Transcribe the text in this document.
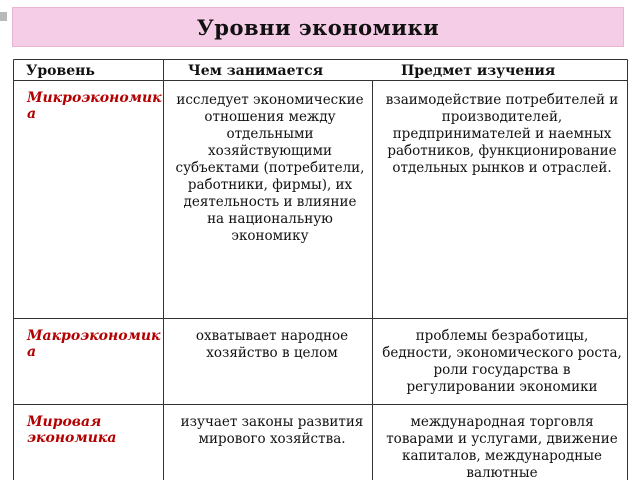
Уровни экономики
Уровень	Чем занимается	Предмет изучения
Микроэкономика
исследует экономические отношения между отдельными хозяйствующими субъектами (потребители, работники, фирмы), их деятельность и влияние на национальную экономику
взаимодействие потребителей и производителей, предпринимателей и наемных работников, функционирование отдельных рынков и отраслей.
Макроэкономика
охватывает народное хозяйство в целом
проблемы безработицы, бедности, экономического роста, роли государства в регулировании экономики
Мировая экономика
изучает законы развития мирового хозяйства.
международная торговля товарами и услугами, движение капиталов, международные валютные
